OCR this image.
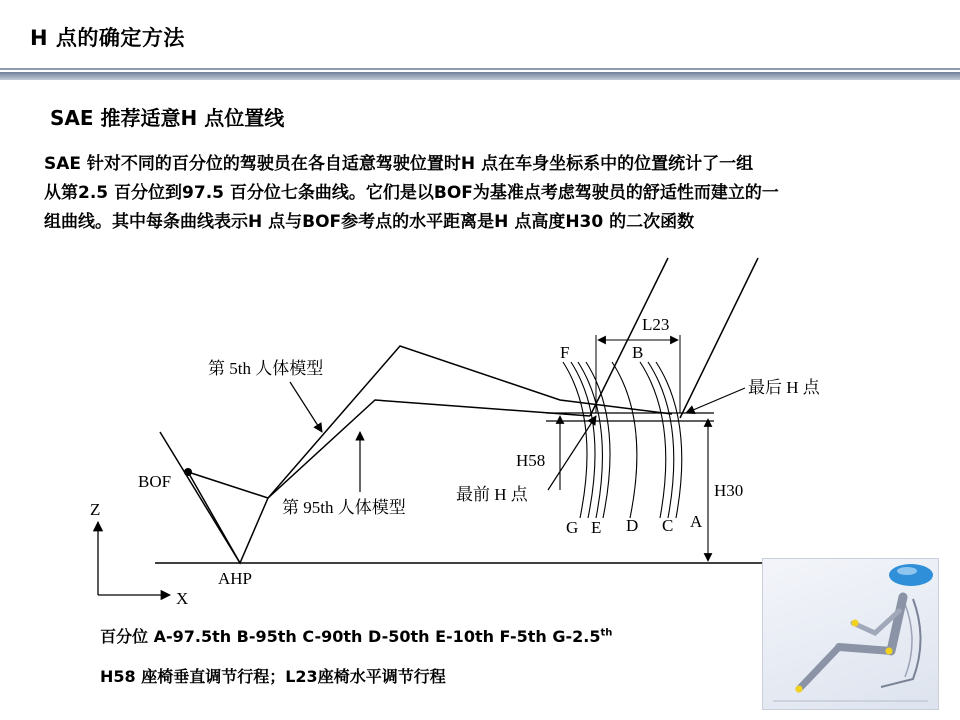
H 点的确定方法
SAE 推荐适意H 点位置线
SAE 针对不同的百分位的驾驶员在各自适意驾驶位置时H 点在车身坐标系中的位置统计了一组
从第2.5 百分位到97.5 百分位七条曲线。它们是以BOF为基准点考虑驾驶员的舒适性而建立的一
组曲线。其中每条曲线表示H 点与BOF参考点的水平距离是H 点高度H30 的二次函数
Z
X
BOF
AHP
第 5th 人体模型
第 95th 人体模型
L23
F	B
最后 H 点
最前 H 点
H58
H30
G E D C A
百分位 A-97.5th B-95th C-90th D-50th E-10th F-5th G-2.5th
H58 座椅垂直调节行程；L23座椅水平调节行程
